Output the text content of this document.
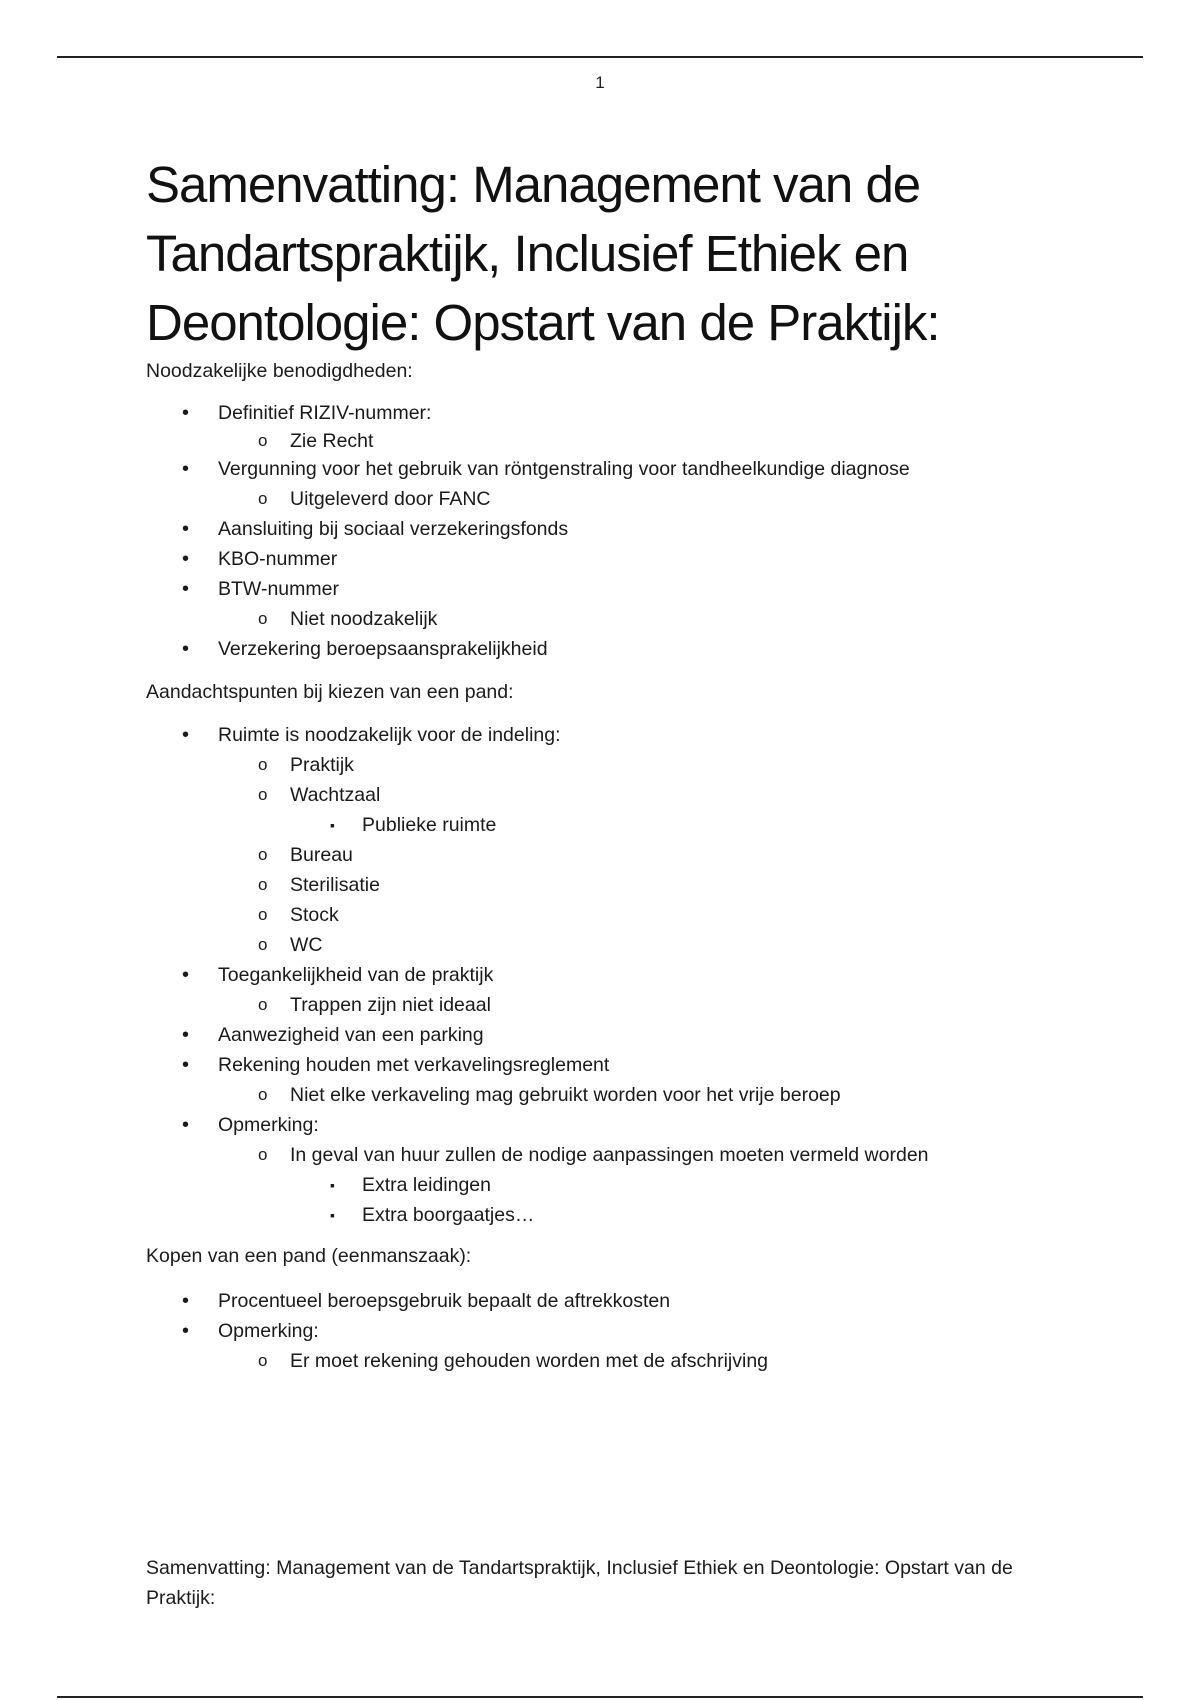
1
Samenvatting: Management van de Tandartspraktijk, Inclusief Ethiek en Deontologie: Opstart van de Praktijk:
Noodzakelijke benodigdheden:
• Definitief RIZIV-nummer:
o Zie Recht
• Vergunning voor het gebruik van röntgenstraling voor tandheelkundige diagnose
o Uitgeleverd door FANC
• Aansluiting bij sociaal verzekeringsfonds
• KBO-nummer
• BTW-nummer
o Niet noodzakelijk
• Verzekering beroepsaansprakelijkheid
Aandachtspunten bij kiezen van een pand:
• Ruimte is noodzakelijk voor de indeling:
o Praktijk
o Wachtzaal
▪ Publieke ruimte
o Bureau
o Sterilisatie
o Stock
o WC
• Toegankelijkheid van de praktijk
o Trappen zijn niet ideaal
• Aanwezigheid van een parking
• Rekening houden met verkavelingsreglement
o Niet elke verkaveling mag gebruikt worden voor het vrije beroep
• Opmerking:
o In geval van huur zullen de nodige aanpassingen moeten vermeld worden
▪ Extra leidingen
▪ Extra boorgaatjes…
Kopen van een pand (eenmanszaak):
• Procentueel beroepsgebruik bepaalt de aftrekkosten
• Opmerking:
o Er moet rekening gehouden worden met de afschrijving
Samenvatting: Management van de Tandartspraktijk, Inclusief Ethiek en Deontologie: Opstart van de Praktijk:
